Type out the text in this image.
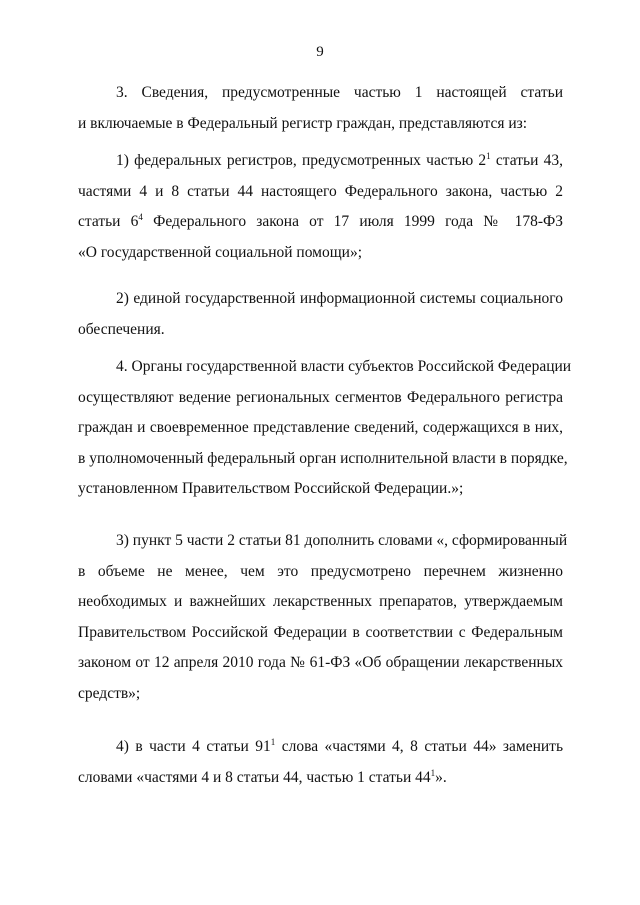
9
3. Сведения, предусмотренные частью 1 настоящей статьи
и включаемые в Федеральный регистр граждан, представляются из:
1) федеральных регистров, предусмотренных частью $2^1$ статьи 43,
частями 4 и 8 статьи 44 настоящего Федерального закона, частью 2
статьи $6^4$ Федерального закона от 17 июля 1999 года № 178-ФЗ
«О государственной социальной помощи»;
2) единой государственной информационной системы социального
обеспечения.
4. Органы государственной власти субъектов Российской Федерации
осуществляют ведение региональных сегментов Федерального регистра
граждан и своевременное представление сведений, содержащихся в них,
в уполномоченный федеральный орган исполнительной власти в порядке,
установленном Правительством Российской Федерации.»;
3) пункт 5 части 2 статьи 81 дополнить словами «, сформированный
в объеме не менее, чем это предусмотрено перечнем жизненно
необходимых и важнейших лекарственных препаратов, утверждаемым
Правительством Российской Федерации в соответствии с Федеральным
законом от 12 апреля 2010 года № 61-ФЗ «Об обращении лекарственных
средств»;
4) в части 4 статьи $91^1$ слова «частями 4, 8 статьи 44» заменить
словами «частями 4 и 8 статьи 44, частью 1 статьи $44^1$».
